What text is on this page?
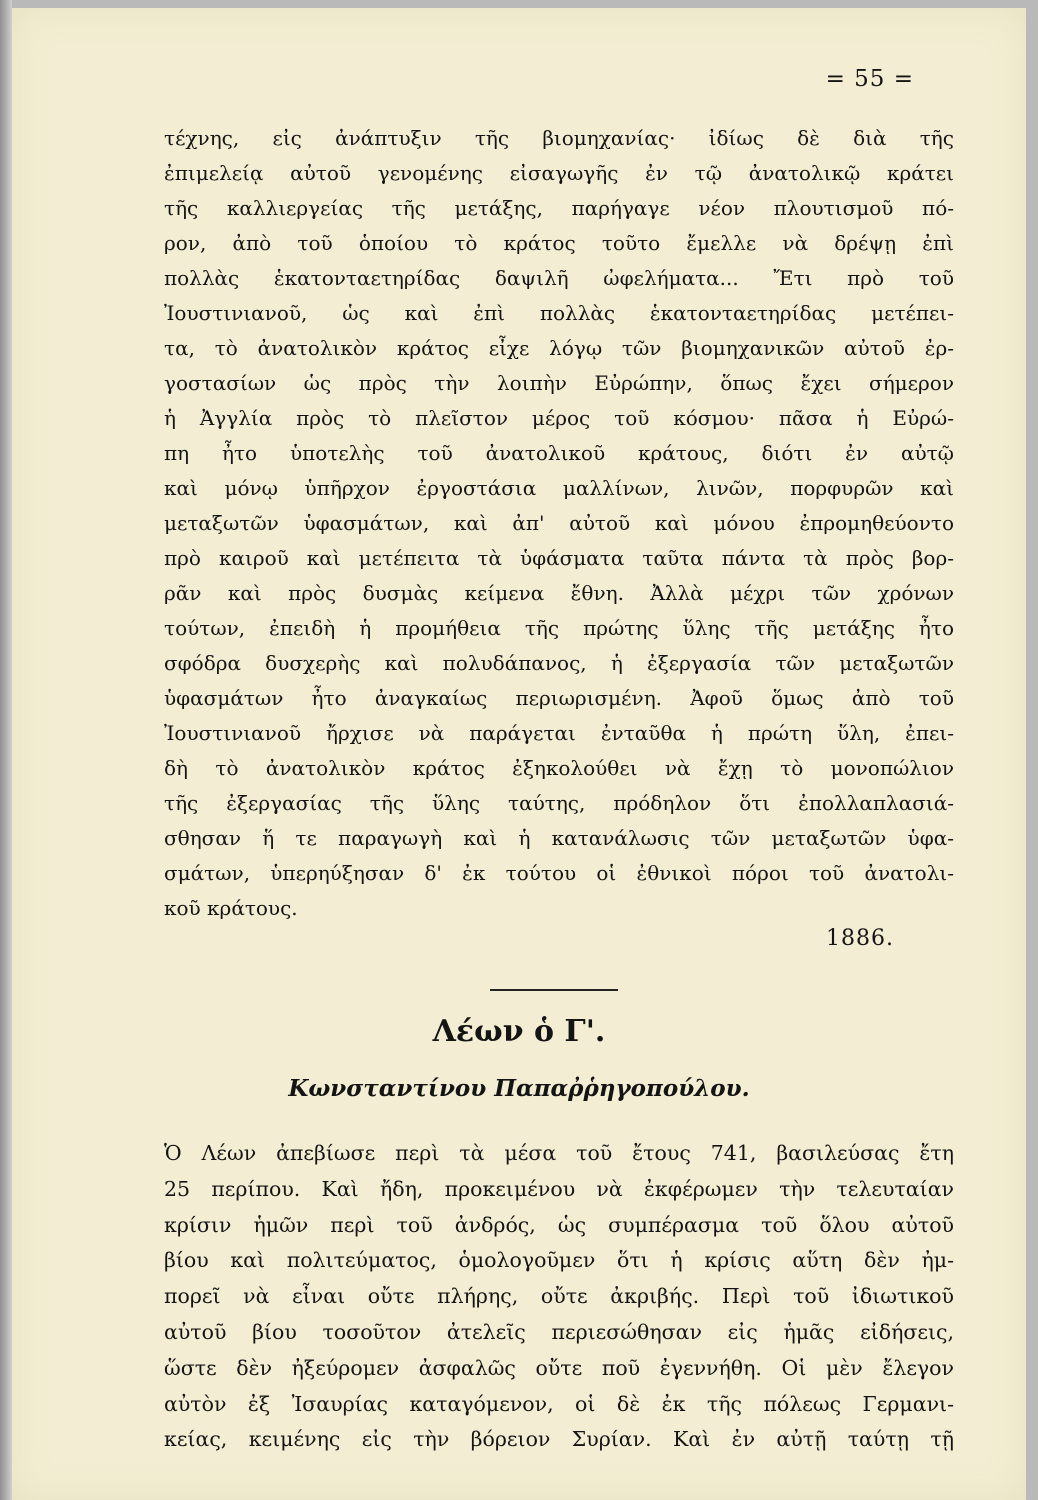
= 55 =
τέχνης, εἰς ἀνάπτυξιν τῆς βιομηχανίας· ἰδίως δὲ διὰ τῆς
ἐπιμελείᾳ αὐτοῦ γενομένης εἰσαγωγῆς ἐν τῷ ἀνατολικῷ κράτει
τῆς καλλιεργείας τῆς μετάξης, παρήγαγε νέον πλουτισμοῦ πό-
ρον, ἀπὸ τοῦ ὁποίου τὸ κράτος τοῦτο ἔμελλε νὰ δρέψῃ ἐπὶ
πολλὰς ἑκατονταετηρίδας δαψιλῆ ὠφελήματα... Ἔτι πρὸ τοῦ
Ἰουστινιανοῦ, ὡς καὶ ἐπὶ πολλὰς ἑκατονταετηρίδας μετέπει-
τα, τὸ ἀνατολικὸν κράτος εἶχε λόγῳ τῶν βιομηχανικῶν αὐτοῦ ἐρ-
γοστασίων ὡς πρὸς τὴν λοιπὴν Εὐρώπην, ὅπως ἔχει σήμερον
ἡ Ἀγγλία πρὸς τὸ πλεῖστον μέρος τοῦ κόσμου· πᾶσα ἡ Εὐρώ-
πη ἦτο ὑποτελὴς τοῦ ἀνατολικοῦ κράτους, διότι ἐν αὐτῷ
καὶ μόνῳ ὑπῆρχον ἐργοστάσια μαλλίνων, λινῶν, πορφυρῶν καὶ
μεταξωτῶν ὑφασμάτων, καὶ ἀπ' αὐτοῦ καὶ μόνου ἐπρομηθεύοντο
πρὸ καιροῦ καὶ μετέπειτα τὰ ὑφάσματα ταῦτα πάντα τὰ πρὸς βορ-
ρᾶν καὶ πρὸς δυσμὰς κείμενα ἔθνη. Ἀλλὰ μέχρι τῶν χρόνων
τούτων, ἐπειδὴ ἡ προμήθεια τῆς πρώτης ὕλης τῆς μετάξης ἦτο
σφόδρα δυσχερὴς καὶ πολυδάπανος, ἡ ἐξεργασία τῶν μεταξωτῶν
ὑφασμάτων ἦτο ἀναγκαίως περιωρισμένη. Ἀφοῦ ὅμως ἀπὸ τοῦ
Ἰουστινιανοῦ ἤρχισε νὰ παράγεται ἐνταῦθα ἡ πρώτη ὕλη, ἐπει-
δὴ τὸ ἀνατολικὸν κράτος ἐξηκολούθει νὰ ἔχῃ τὸ μονοπώλιον
τῆς ἐξεργασίας τῆς ὕλης ταύτης, πρόδηλον ὅτι ἐπολλαπλασιά-
σθησαν ἥ τε παραγωγὴ καὶ ἡ κατανάλωσις τῶν μεταξωτῶν ὑφα-
σμάτων, ὑπερηύξησαν δ' ἐκ τούτου οἱ ἐθνικοὶ πόροι τοῦ ἀνατολι-
κοῦ κράτους.
1886.
Λέων ὁ Γ'.
Κωνσταντίνου Παπαῤῥηγοπούλου.
Ὁ Λέων ἀπεβίωσε περὶ τὰ μέσα τοῦ ἔτους 741, βασιλεύσας ἔτη
25 περίπου. Καὶ ἤδη, προκειμένου νὰ ἐκφέρωμεν τὴν τελευταίαν
κρίσιν ἡμῶν περὶ τοῦ ἀνδρός, ὡς συμπέρασμα τοῦ ὅλου αὐτοῦ
βίου καὶ πολιτεύματος, ὁμολογοῦμεν ὅτι ἡ κρίσις αὕτη δὲν ἠμ-
πορεῖ νὰ εἶναι οὔτε πλήρης, οὔτε ἀκριβής. Περὶ τοῦ ἰδιωτικοῦ
αὐτοῦ βίου τοσοῦτον ἀτελεῖς περιεσώθησαν εἰς ἡμᾶς εἰδήσεις,
ὥστε δὲν ἠξεύρομεν ἀσφαλῶς οὔτε ποῦ ἐγεννήθη. Οἱ μὲν ἔλεγον
αὐτὸν ἐξ Ἰσαυρίας καταγόμενον, οἱ δὲ ἐκ τῆς πόλεως Γερμανι-
κείας, κειμένης εἰς τὴν βόρειον Συρίαν. Καὶ ἐν αὐτῇ ταύτῃ τῇ
